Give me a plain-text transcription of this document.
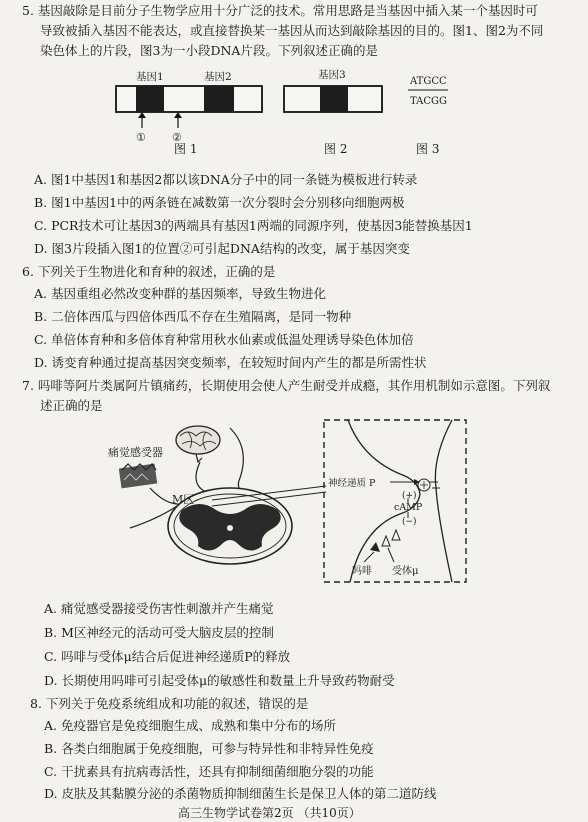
5. 基因敲除是目前分子生物学应用十分广泛的技术。常用思路是当基因中插入某一个基因时可
导致被插入基因不能表达，或直接替换某一基因从而达到敲除基因的目的。图1、图2为不同
染色体上的片段，图3为一小段DNA片段。下列叙述正确的是
基因1	基因2
① ②
图 1
基因3
图 2
ATGCC
TACGG
图 3
A. 图1中基因1和基因2都以该DNA分子中的同一条链为模板进行转录
B. 图1中基因1中的两条链在减数第一次分裂时会分别移向细胞两极
C. PCR技术可让基因3的两端具有基因1两端的同源序列，使基因3能替换基因1
D. 图3片段插入图1的位置②可引起DNA结构的改变，属于基因突变
6. 下列关于生物进化和育种的叙述，正确的是
A. 基因重组必然改变种群的基因频率，导致生物进化
B. 二倍体西瓜与四倍体西瓜不存在生殖隔离，是同一物种
C. 单倍体育种和多倍体育种常用秋水仙素或低温处理诱导染色体加倍
D. 诱变育种通过提高基因突变频率，在较短时间内产生的都是所需性状
7. 吗啡等阿片类属阿片镇痛药，长期使用会使人产生耐受并成瘾，其作用机制如示意图。下列叙
述正确的是
痛觉感受器
M区
神经递质 P
(+)
cAMP
(−)
吗啡 受体μ
A. 痛觉感受器接受伤害性刺激并产生痛觉
B. M区神经元的活动可受大脑皮层的控制
C. 吗啡与受体μ结合后促进神经递质P的释放
D. 长期使用吗啡可引起受体μ的敏感性和数量上升导致药物耐受
8. 下列关于免疫系统组成和功能的叙述，错误的是
A. 免疫器官是免疫细胞生成、成熟和集中分布的场所
B. 各类白细胞属于免疫细胞，可参与特异性和非特异性免疫
C. 干扰素具有抗病毒活性，还具有抑制细菌细胞分裂的功能
D. 皮肤及其黏膜分泌的杀菌物质抑制细菌生长是保卫人体的第二道防线
高三生物学试卷第2页 （共10页）
